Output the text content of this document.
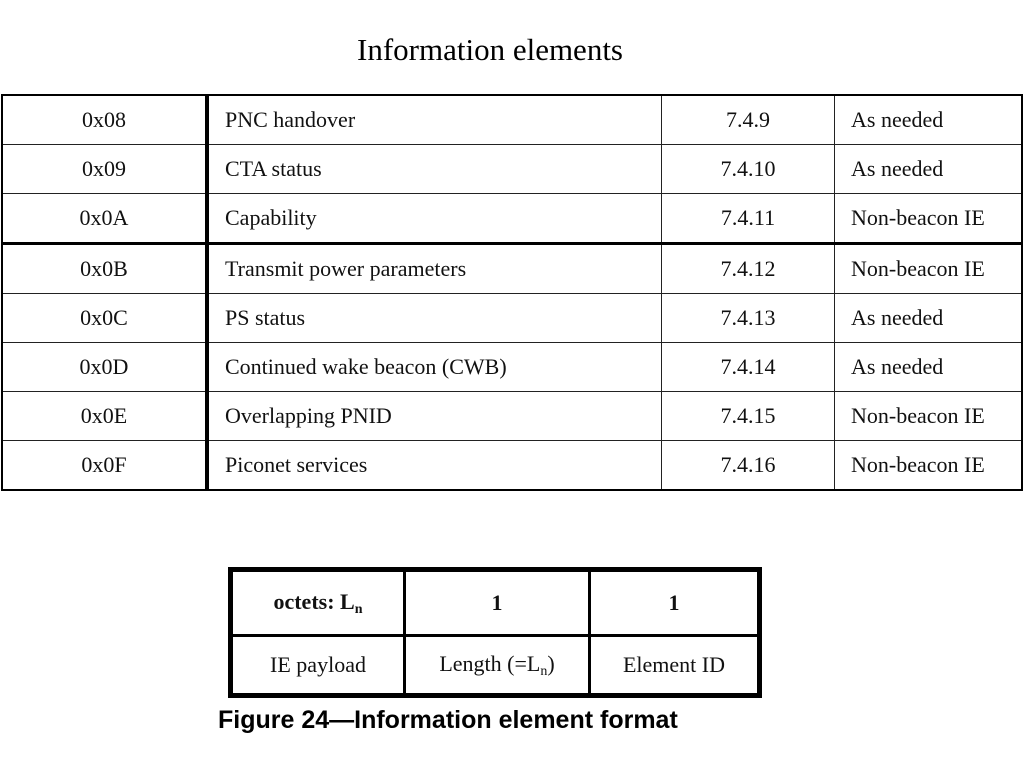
Information elements
0x08	PNC handover	7.4.9	As needed
0x09	CTA status	7.4.10	As needed
0x0A	Capability	7.4.11	Non-beacon IE
0x0B	Transmit power parameters	7.4.12	Non-beacon IE
0x0C	PS status	7.4.13	As needed
0x0D	Continued wake beacon (CWB)	7.4.14	As needed
0x0E	Overlapping PNID	7.4.15	Non-beacon IE
0x0F	Piconet services	7.4.16	Non-beacon IE
octets: $L_n$	1	1
IE payload	Length $(=L_n)$	Element ID
Figure 24—Information element format
